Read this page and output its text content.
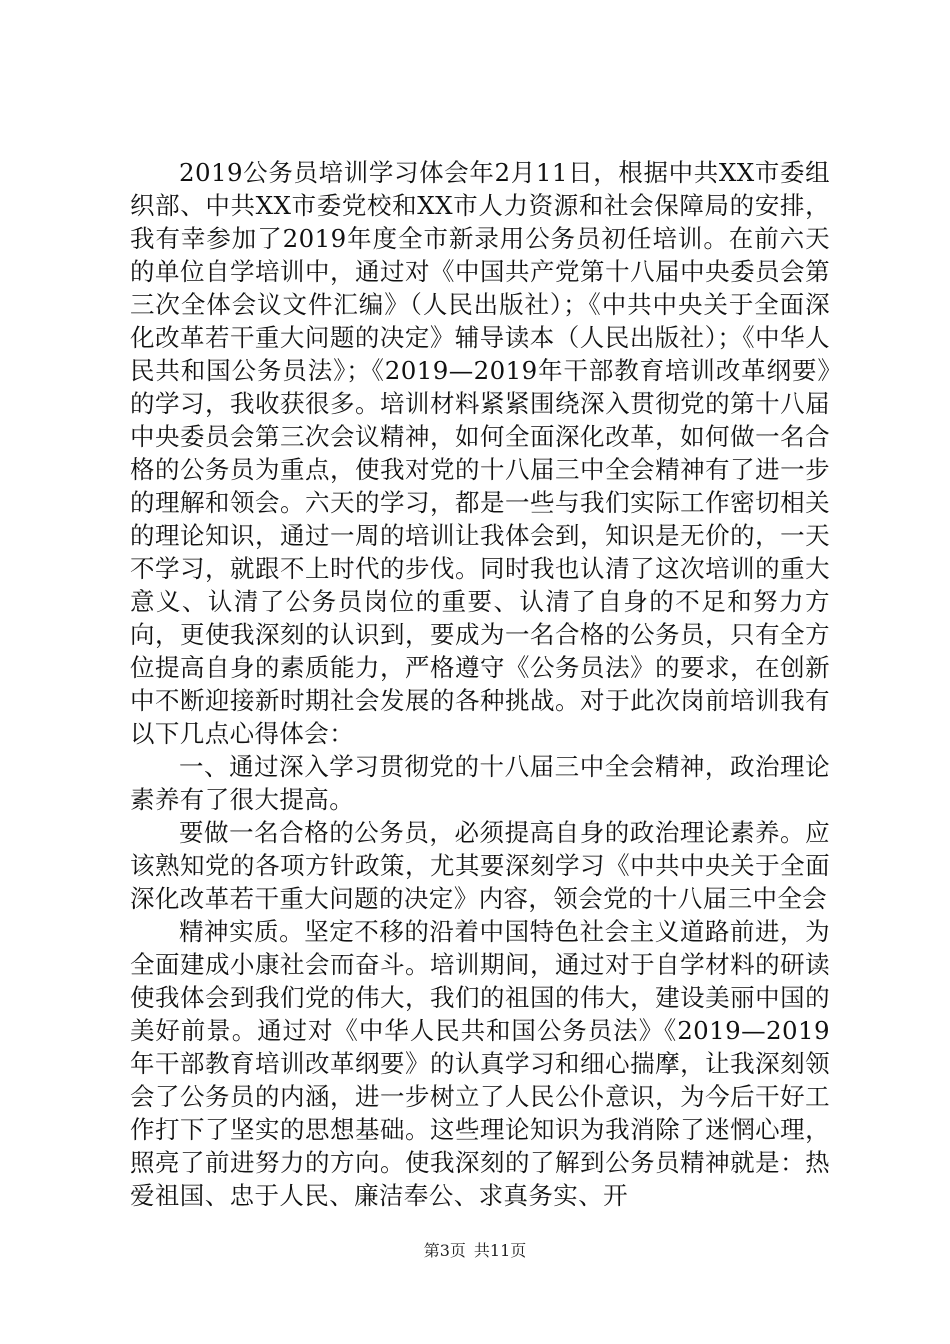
2019公务员培训学习体会年2月11日，根据中共XX市委组织部、中共XX市委党校和XX市人力资源和社会保障局的安排，我有幸参加了2019年度全市新录用公务员初任培训。在前六天的单位自学培训中，通过对《中国共产党第十八届中央委员会第三次全体会议文件汇编》（人民出版社）；《中共中央关于全面深化改革若干重大问题的决定》辅导读本（人民出版社）；《中华人民共和国公务员法》；《2019—2019年干部教育培训改革纲要》的学习，我收获很多。培训材料紧紧围绕深入贯彻党的第十八届中央委员会第三次会议精神，如何全面深化改革，如何做一名合格的公务员为重点，使我对党的十八届三中全会精神有了进一步的理解和领会。六天的学习，都是一些与我们实际工作密切相关的理论知识，通过一周的培训让我体会到，知识是无价的，一天不学习，就跟不上时代的步伐。同时我也认清了这次培训的重大意义、认清了公务员岗位的重要、认清了自身的不足和努力方向，更使我深刻的认识到，要成为一名合格的公务员，只有全方位提高自身的素质能力，严格遵守《公务员法》的要求，在创新中不断迎接新时期社会发展的各种挑战。对于此次岗前培训我有以下几点心得体会：

一、通过深入学习贯彻党的十八届三中全会精神，政治理论素养有了很大提高。

要做一名合格的公务员，必须提高自身的政治理论素养。应该熟知党的各项方针政策，尤其要深刻学习《中共中央关于全面深化改革若干重大问题的决定》内容，领会党的十八届三中全会

精神实质。坚定不移的沿着中国特色社会主义道路前进，为全面建成小康社会而奋斗。培训期间，通过对于自学材料的研读使我体会到我们党的伟大，我们的祖国的伟大，建设美丽中国的美好前景。通过对《中华人民共和国公务员法》《2019—2019年干部教育培训改革纲要》的认真学习和细心揣摩，让我深刻领会了公务员的内涵，进一步树立了人民公仆意识，为今后干好工作打下了坚实的思想基础。这些理论知识为我消除了迷惘心理，照亮了前进努力的方向。使我深刻的了解到公务员精神就是：热爱祖国、忠于人民、廉洁奉公、求真务实、开

第3页 共11页
